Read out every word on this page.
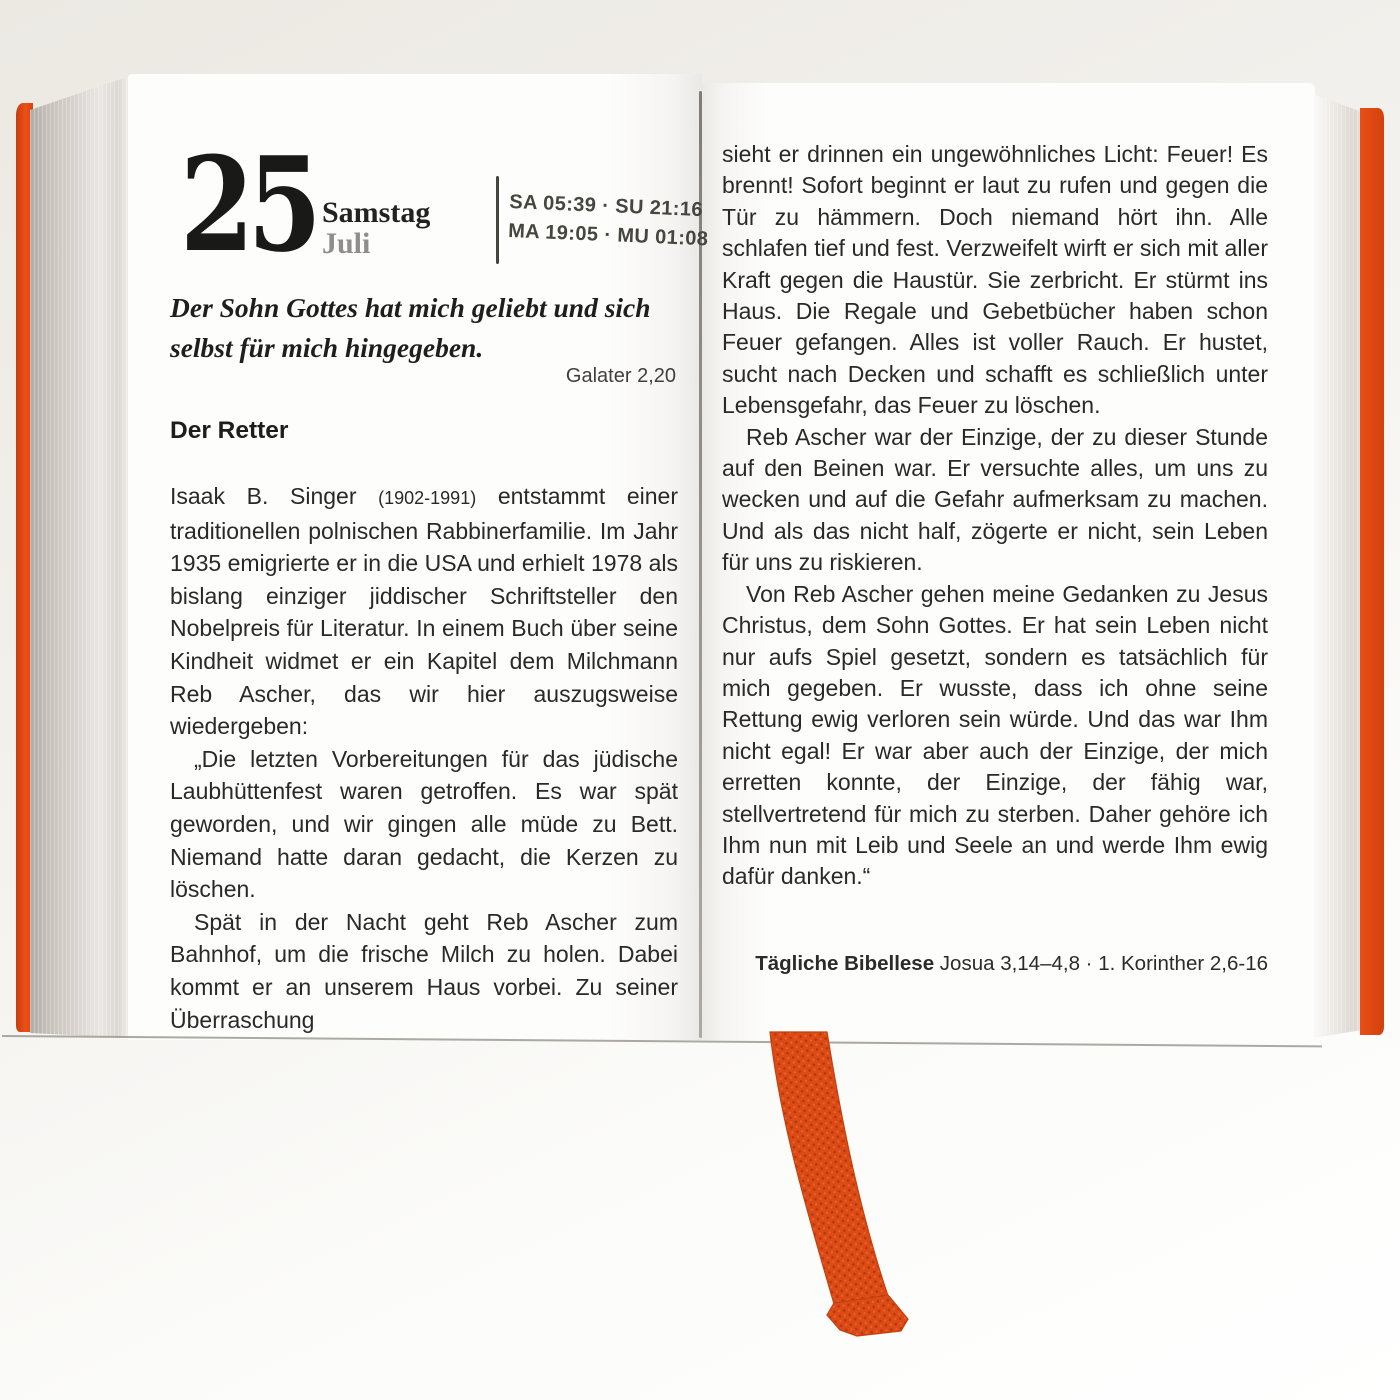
25 Samstag
Juli
SA 05:39 · SU 21:16
MA 19:05 · MU 01:08
Der Sohn Gottes hat mich geliebt und sich selbst für mich hingegeben.
Galater 2,20
Der Retter

Isaak B. Singer (1902-1991) entstammt einer traditionellen polnischen Rabbinerfamilie. Im Jahr 1935 emigrierte er in die USA und erhielt 1978 als bislang einziger jiddischer Schriftsteller den Nobelpreis für Literatur. In einem Buch über seine Kindheit widmet er ein Kapitel dem Milchmann Reb Ascher, das wir hier auszugsweise wiedergeben:

„Die letzten Vorbereitungen für das jüdische Laubhüttenfest waren getroffen. Es war spät geworden, und wir gingen alle müde zu Bett. Niemand hatte daran gedacht, die Kerzen zu löschen.

Spät in der Nacht geht Reb Ascher zum Bahnhof, um die frische Milch zu holen. Dabei kommt er an unserem Haus vorbei. Zu seiner Überraschung

sieht er drinnen ein ungewöhnliches Licht: Feuer! Es brennt! Sofort beginnt er laut zu rufen und gegen die Tür zu hämmern. Doch niemand hört ihn. Alle schlafen tief und fest. Verzweifelt wirft er sich mit aller Kraft gegen die Haustür. Sie zerbricht. Er stürmt ins Haus. Die Regale und Gebetbücher haben schon Feuer gefangen. Alles ist voller Rauch. Er hustet, sucht nach Decken und schafft es schließlich unter Lebensgefahr, das Feuer zu löschen.

Reb Ascher war der Einzige, der zu dieser Stunde auf den Beinen war. Er versuchte alles, um uns zu wecken und auf die Gefahr aufmerksam zu machen. Und als das nicht half, zögerte er nicht, sein Leben für uns zu riskieren.

Von Reb Ascher gehen meine Gedanken zu Jesus Christus, dem Sohn Gottes. Er hat sein Leben nicht nur aufs Spiel gesetzt, sondern es tatsächlich für mich gegeben. Er wusste, dass ich ohne seine Rettung ewig verloren sein würde. Und das war Ihm nicht egal! Er war aber auch der Einzige, der mich erretten konnte, der Einzige, der fähig war, stellvertretend für mich zu sterben. Daher gehöre ich Ihm nun mit Leib und Seele an und werde Ihm ewig dafür danken.“

Tägliche Bibellese Josua 3,14–4,8 · 1. Korinther 2,6-16
